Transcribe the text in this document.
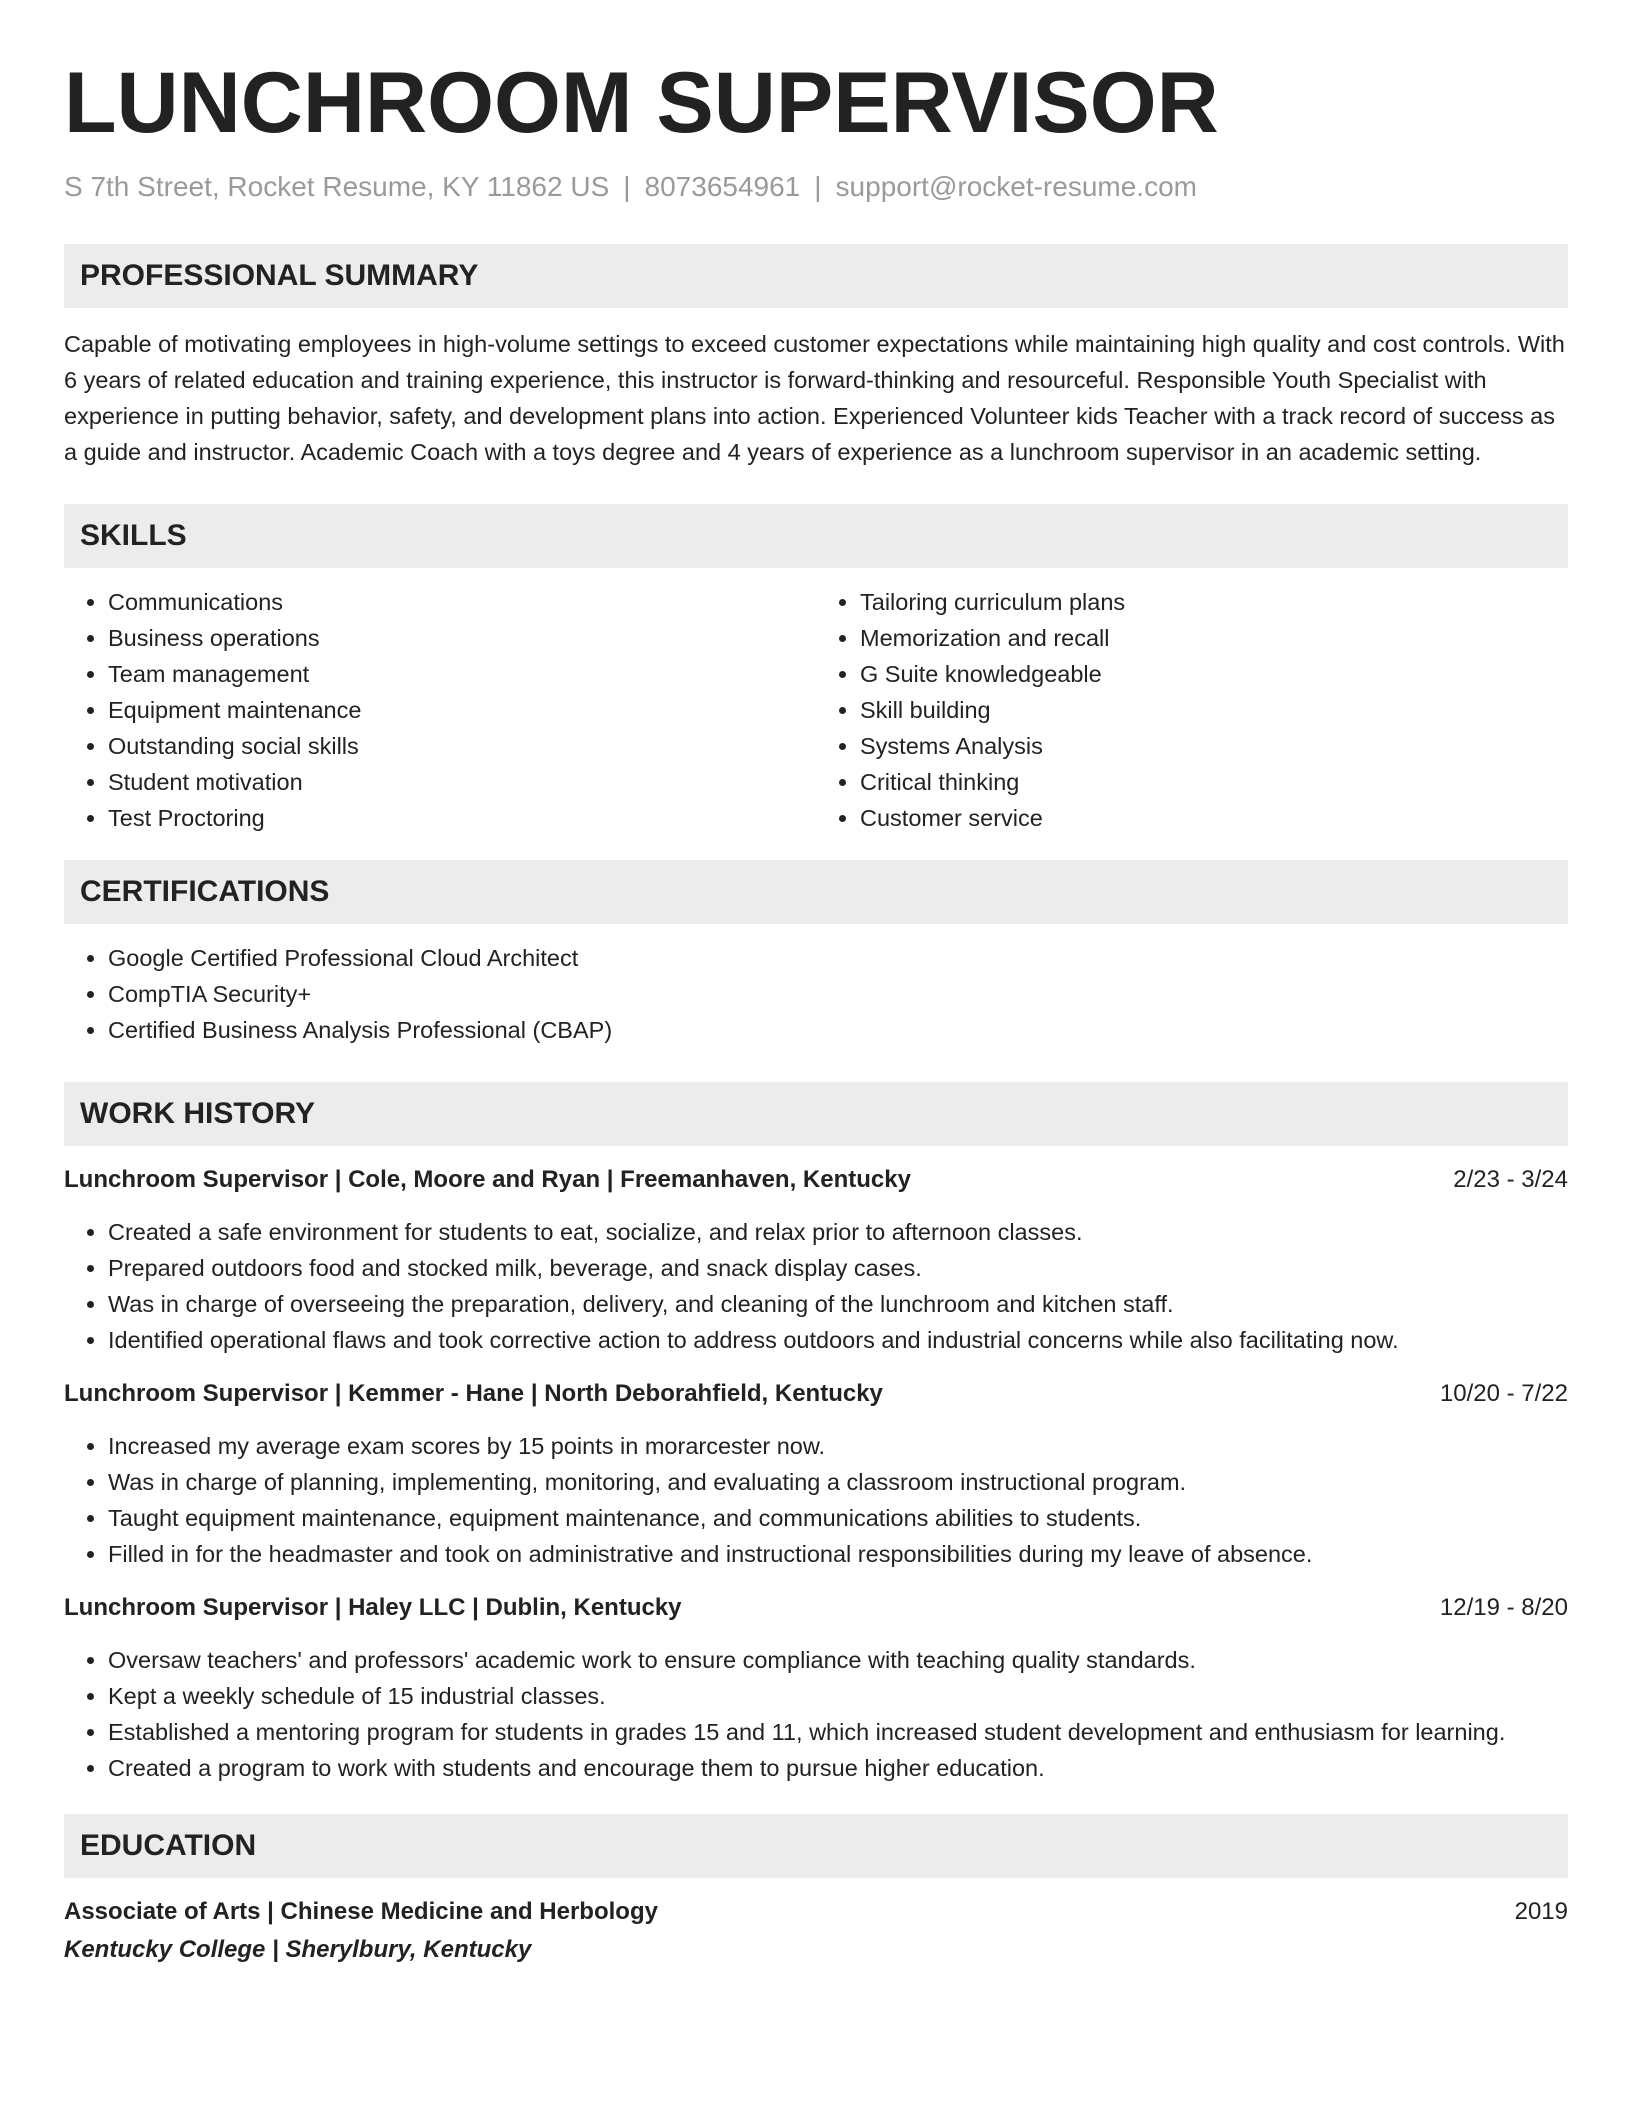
LUNCHROOM SUPERVISOR
S 7th Street, Rocket Resume, KY 11862 US | 8073654961 | support@rocket-resume.com
PROFESSIONAL SUMMARY
Capable of motivating employees in high-volume settings to exceed customer expectations while maintaining high quality and cost controls. With 6 years of related education and training experience, this instructor is forward-thinking and resourceful. Responsible Youth Specialist with experience in putting behavior, safety, and development plans into action. Experienced Volunteer kids Teacher with a track record of success as a guide and instructor. Academic Coach with a toys degree and 4 years of experience as a lunchroom supervisor in an academic setting.
SKILLS
• Communications
• Business operations
• Team management
• Equipment maintenance
• Outstanding social skills
• Student motivation
• Test Proctoring
• Tailoring curriculum plans
• Memorization and recall
• G Suite knowledgeable
• Skill building
• Systems Analysis
• Critical thinking
• Customer service
CERTIFICATIONS
• Google Certified Professional Cloud Architect
• CompTIA Security+
• Certified Business Analysis Professional (CBAP)
WORK HISTORY
Lunchroom Supervisor | Cole, Moore and Ryan | Freemanhaven, Kentucky	2/23 - 3/24
• Created a safe environment for students to eat, socialize, and relax prior to afternoon classes.
• Prepared outdoors food and stocked milk, beverage, and snack display cases.
• Was in charge of overseeing the preparation, delivery, and cleaning of the lunchroom and kitchen staff.
• Identified operational flaws and took corrective action to address outdoors and industrial concerns while also facilitating now.
Lunchroom Supervisor | Kemmer - Hane | North Deborahfield, Kentucky	10/20 - 7/22
• Increased my average exam scores by 15 points in morarcester now.
• Was in charge of planning, implementing, monitoring, and evaluating a classroom instructional program.
• Taught equipment maintenance, equipment maintenance, and communications abilities to students.
• Filled in for the headmaster and took on administrative and instructional responsibilities during my leave of absence.
Lunchroom Supervisor | Haley LLC | Dublin, Kentucky	12/19 - 8/20
• Oversaw teachers' and professors' academic work to ensure compliance with teaching quality standards.
• Kept a weekly schedule of 15 industrial classes.
• Established a mentoring program for students in grades 15 and 11, which increased student development and enthusiasm for learning.
• Created a program to work with students and encourage them to pursue higher education.
EDUCATION
Associate of Arts | Chinese Medicine and Herbology	2019
Kentucky College | Sherylbury, Kentucky
